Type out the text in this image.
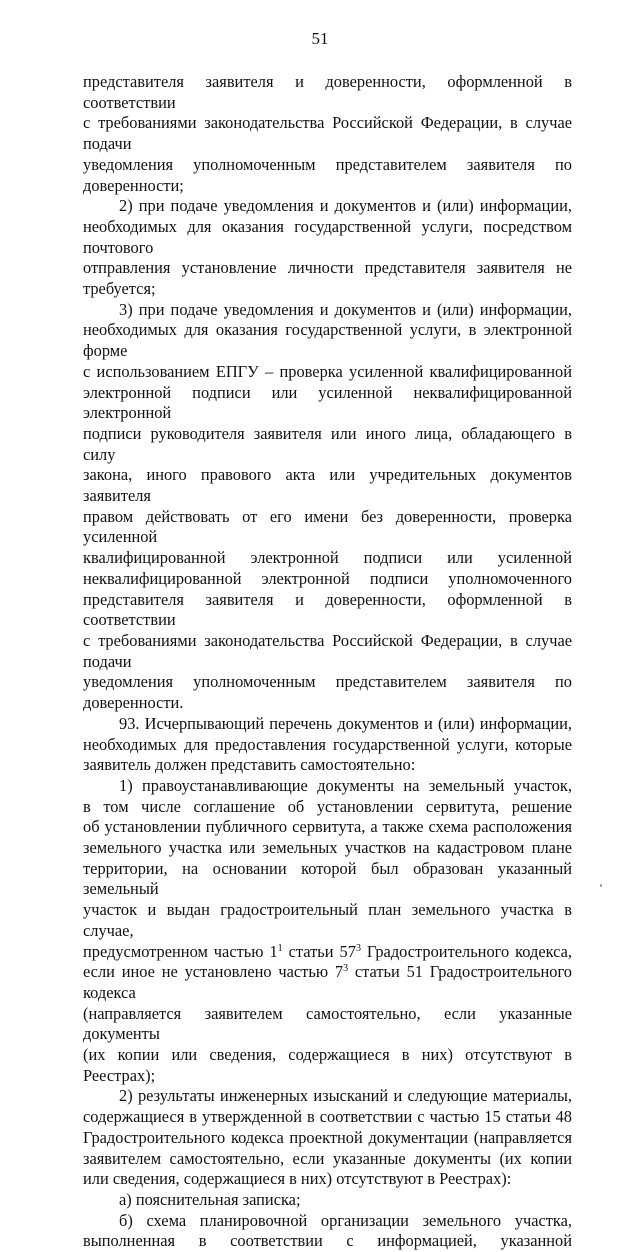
51

представителя заявителя и доверенности, оформленной в соответствии

с требованиями законодательства Российской Федерации, в случае подачи

уведомления уполномоченным представителем заявителя по доверенности;

2) при подаче уведомления и документов и (или) информации,

необходимых для оказания государственной услуги, посредством почтового

отправления установление личности представителя заявителя не требуется;

3) при подаче уведомления и документов и (или) информации,

необходимых для оказания государственной услуги, в электронной форме

с использованием ЕПГУ – проверка усиленной квалифицированной

электронной подписи или усиленной неквалифицированной электронной

подписи руководителя заявителя или иного лица, обладающего в силу

закона, иного правового акта или учредительных документов заявителя

правом действовать от его имени без доверенности, проверка усиленной

квалифицированной электронной подписи или усиленной

неквалифицированной электронной подписи уполномоченного

представителя заявителя и доверенности, оформленной в соответствии

с требованиями законодательства Российской Федерации, в случае подачи

уведомления уполномоченным представителем заявителя по доверенности.

93. Исчерпывающий перечень документов и (или) информации,

необходимых для предоставления государственной услуги, которые

заявитель должен представить самостоятельно:

1) правоустанавливающие документы на земельный участок,

в том числе соглашение об установлении сервитута, решение

об установлении публичного сервитута, а также схема расположения

земельного участка или земельных участков на кадастровом плане

территории, на основании которой был образован указанный земельный

участок и выдан градостроительный план земельного участка в случае,

предусмотренном частью $1^1$ статьи $57^3$ Градостроительного кодекса,

если иное не установлено частью $7^3$ статьи 51 Градостроительного кодекса

(направляется заявителем самостоятельно, если указанные документы

(их копии или сведения, содержащиеся в них) отсутствуют в Реестрах);

2) результаты инженерных изысканий и следующие материалы,

содержащиеся в утвержденной в соответствии с частью 15 статьи 48

Градостроительного кодекса проектной документации (направляется

заявителем самостоятельно, если указанные документы (их копии

или сведения, содержащиеся в них) отсутствуют в Реестрах):

а) пояснительная записка;

б) схема планировочной организации земельного участка,

выполненная в соответствии с информацией, указанной
